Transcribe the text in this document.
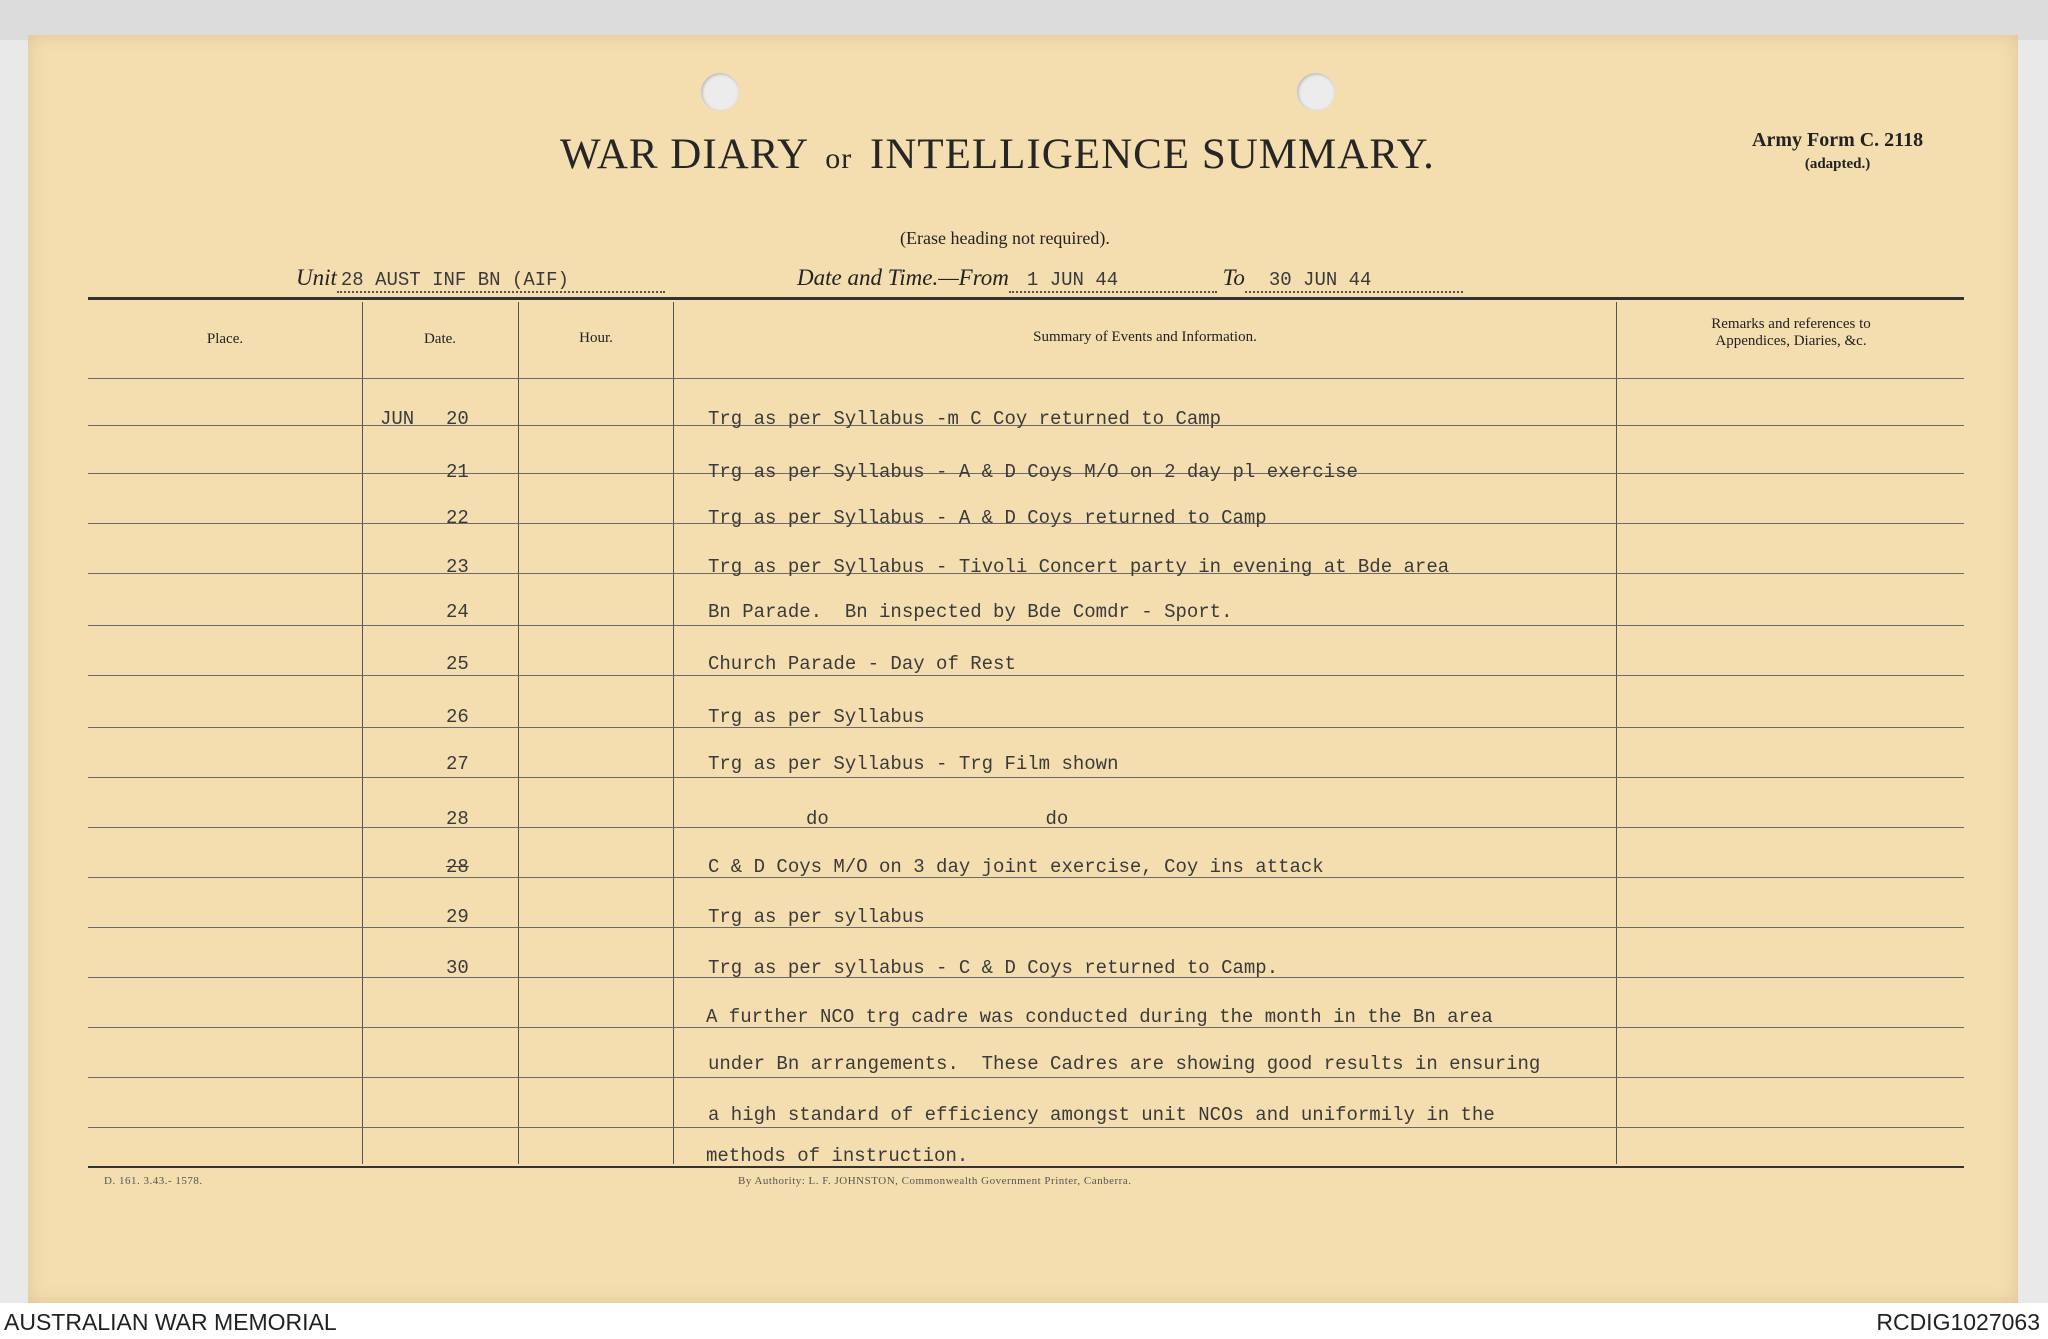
WAR DIARY or INTELLIGENCE SUMMARY.	Army Form C. 2118
(adapted.)
(Erase heading not required).
Unit 28 AUST INF BN (AIF)	Date and Time.—From 1 JUN 44	To 30 JUN 44
Place.	Date.	Hour.	Summary of Events and Information.
Remarks and references to
Appendices, Diaries, &c.
JUN 20	Trg as per Syllabus -m C Coy returned to Camp
21	Trg as per Syllabus - A & D Coys M/O on 2 day pl exercise
22	Trg as per Syllabus - A & D Coys returned to Camp
23	Trg as per Syllabus - Tivoli Concert party in evening at Bde area
24	Bn Parade.  Bn inspected by Bde Comdr - Sport.
25	Church Parade - Day of Rest
26	Trg as per Syllabus
27	Trg as per Syllabus - Trg Film shown
28	do                   do
28	C & D Coys M/O on 3 day joint exercise, Coy ins attack
29	Trg as per syllabus
30	Trg as per syllabus - C & D Coys returned to Camp.
A further NCO trg cadre was conducted during the month in the Bn area
under Bn arrangements.  These Cadres are showing good results in ensuring
a high standard of efficiency amongst unit NCOs and uniformily in the
methods of instruction.
D. 161. 3.43.- 1578.	By Authority: L. F. JOHNSTON, Commonwealth Government Printer, Canberra.
AUSTRALIAN WAR MEMORIAL	RCDIG1027063
